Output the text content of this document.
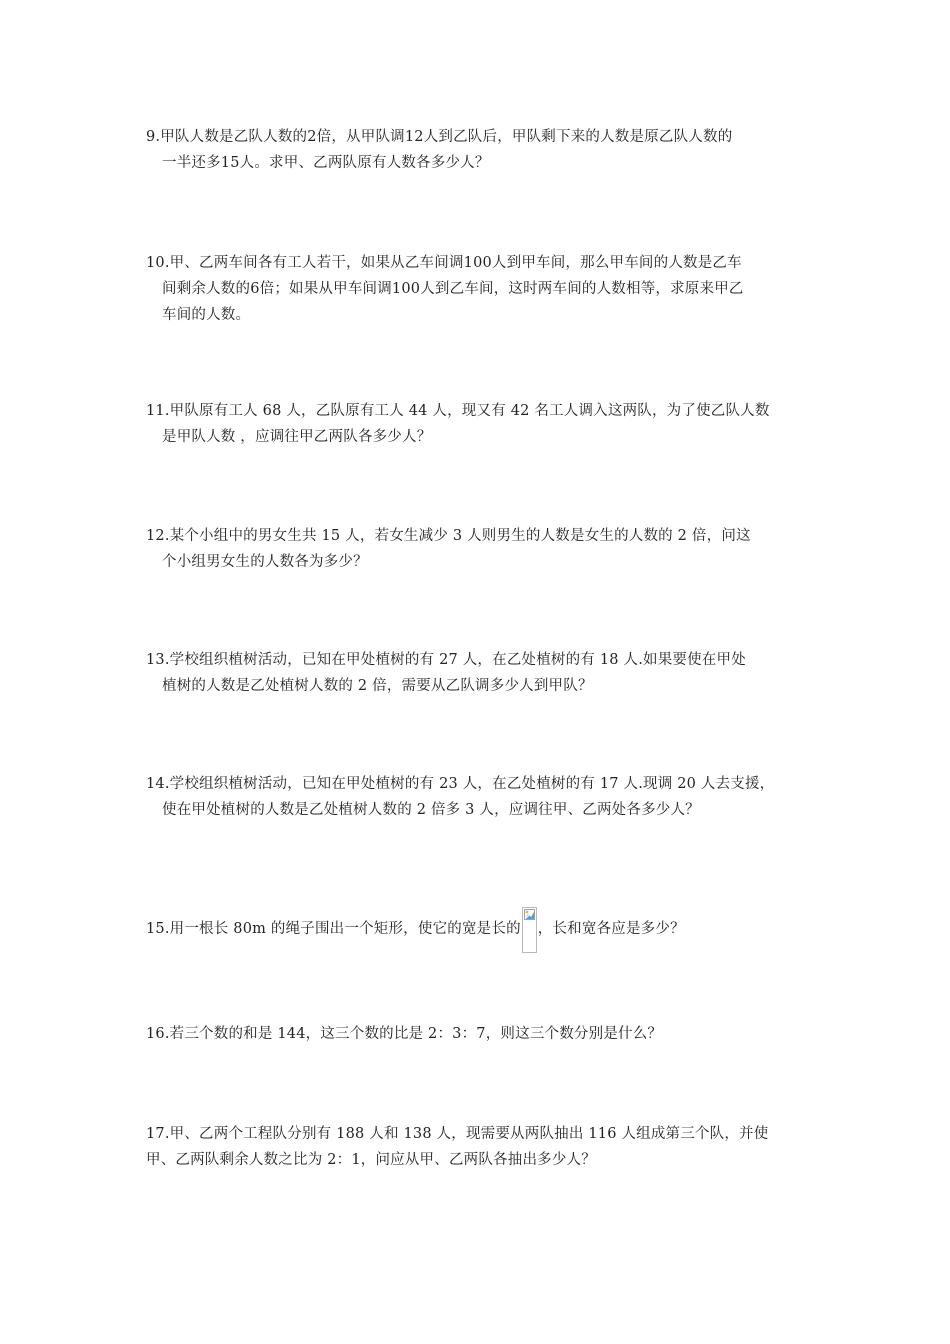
9.甲队人数是乙队人数的2倍，从甲队调12人到乙队后，甲队剩下来的人数是原乙队人数的
一半还多15人。求甲、乙两队原有人数各多少人？
10.甲、乙两车间各有工人若干，如果从乙车间调100人到甲车间，那么甲车间的人数是乙车
间剩余人数的6倍；如果从甲车间调100人到乙车间，这时两车间的人数相等，求原来甲乙
车间的人数。
11.甲队原有工人 68 人，乙队原有工人 44 人，现又有 42 名工人调入这两队，为了使乙队人数
是甲队人数 ，应调往甲乙两队各多少人？
12.某个小组中的男女生共 15 人，若女生减少 3 人则男生的人数是女生的人数的 2 倍，问这
个小组男女生的人数各为多少？
13.学校组织植树活动，已知在甲处植树的有 27 人，在乙处植树的有 18 人.如果要使在甲处
植树的人数是乙处植树人数的 2 倍，需要从乙队调多少人到甲队？
14.学校组织植树活动，已知在甲处植树的有 23 人，在乙处植树的有 17 人.现调 20 人去支援，
使在甲处植树的人数是乙处植树人数的 2 倍多 3 人，应调往甲、乙两处各多少人？
15.用一根长 80m 的绳子围出一个矩形，使它的宽是长的 ，长和宽各应是多少？
16.若三个数的和是 144，这三个数的比是 2：3：7，则这三个数分别是什么？
17.甲、乙两个工程队分别有 188 人和 138 人，现需要从两队抽出 116 人组成第三个队，并使
甲、乙两队剩余人数之比为 2：1，问应从甲、乙两队各抽出多少人？
